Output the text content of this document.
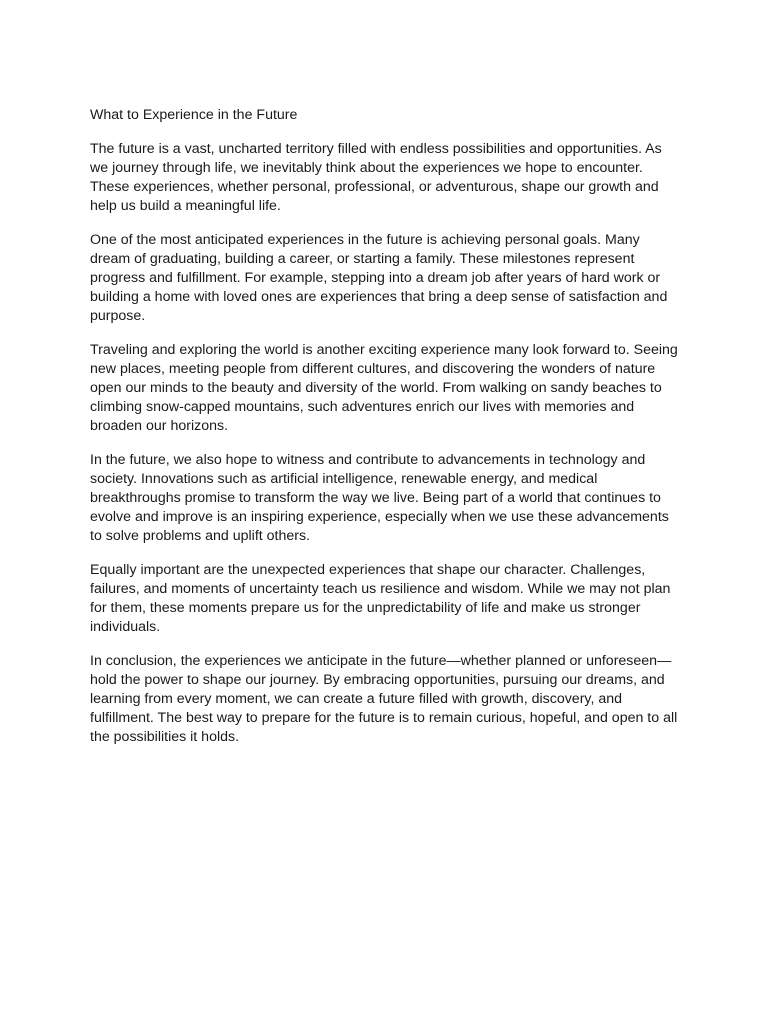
What to Experience in the Future

The future is a vast, uncharted territory filled with endless possibilities and opportunities. As we journey through life, we inevitably think about the experiences we hope to encounter. These experiences, whether personal, professional, or adventurous, shape our growth and help us build a meaningful life.

One of the most anticipated experiences in the future is achieving personal goals. Many dream of graduating, building a career, or starting a family. These milestones represent progress and fulfillment. For example, stepping into a dream job after years of hard work or building a home with loved ones are experiences that bring a deep sense of satisfaction and purpose.

Traveling and exploring the world is another exciting experience many look forward to. Seeing new places, meeting people from different cultures, and discovering the wonders of nature open our minds to the beauty and diversity of the world. From walking on sandy beaches to climbing snow-capped mountains, such adventures enrich our lives with memories and broaden our horizons.

In the future, we also hope to witness and contribute to advancements in technology and society. Innovations such as artificial intelligence, renewable energy, and medical breakthroughs promise to transform the way we live. Being part of a world that continues to evolve and improve is an inspiring experience, especially when we use these advancements to solve problems and uplift others.

Equally important are the unexpected experiences that shape our character. Challenges, failures, and moments of uncertainty teach us resilience and wisdom. While we may not plan for them, these moments prepare us for the unpredictability of life and make us stronger individuals.

In conclusion, the experiences we anticipate in the future—whether planned or unforeseen—hold the power to shape our journey. By embracing opportunities, pursuing our dreams, and learning from every moment, we can create a future filled with growth, discovery, and fulfillment. The best way to prepare for the future is to remain curious, hopeful, and open to all the possibilities it holds.
